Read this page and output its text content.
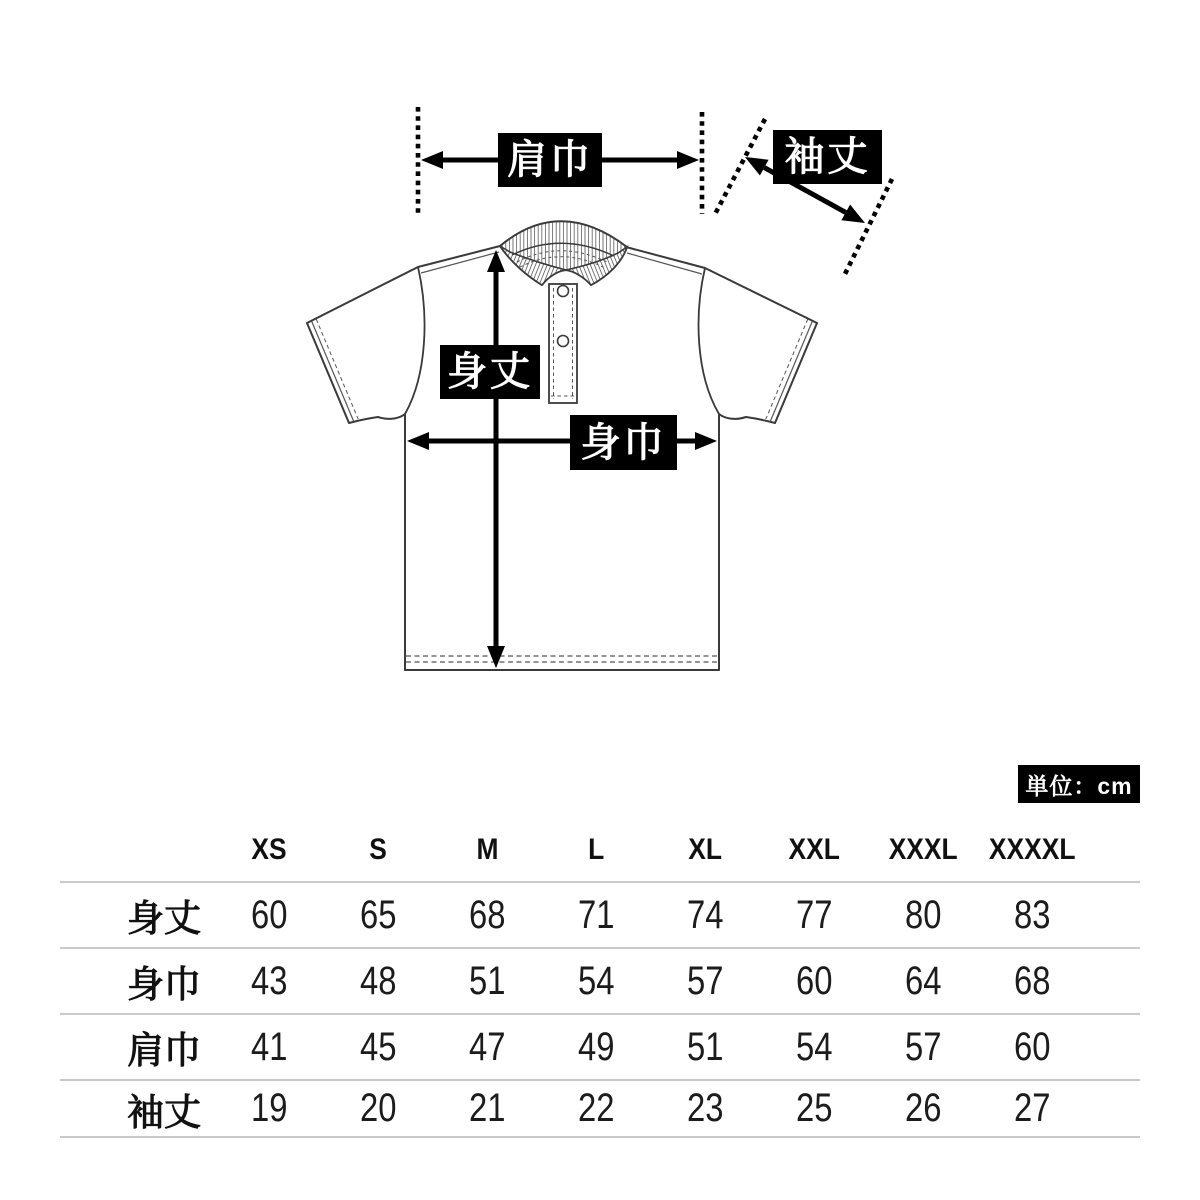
肩巾	袖丈
身丈
身巾
単位：cm
XS	S	M	L	XL	XXL	XXXL	XXXXL
身丈	60	65	68	71	74	77	80	83
身巾	43	48	51	54	57	60	64	68
肩巾	41	45	47	49	51	54	57	60
袖丈	19	20	21	22	23	25	26	27
